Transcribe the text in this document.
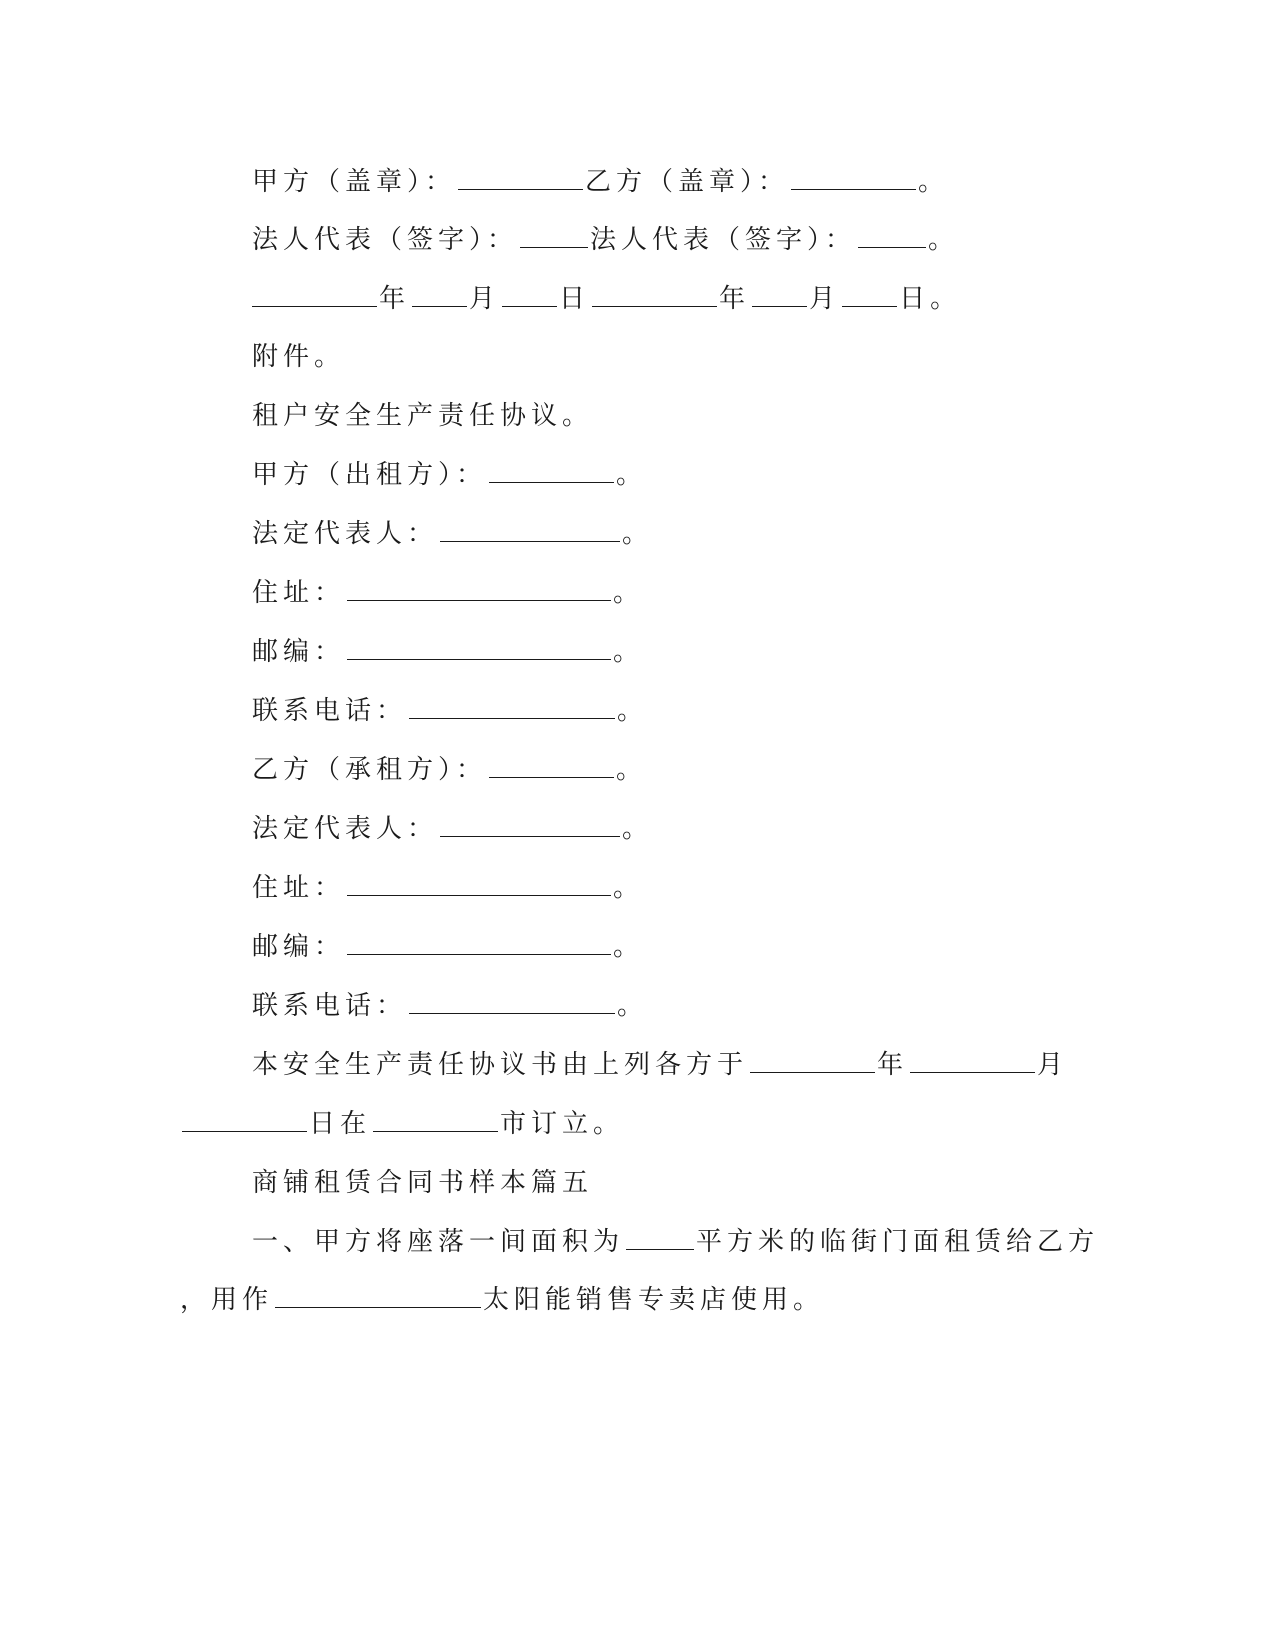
甲方（盖章）：	乙方（盖章）：	。
法人代表（签字）：	法人代表（签字）：	。
年 月 日	年 月 日。
附件。
租户安全生产责任协议。
甲方（出租方）：	。
法定代表人：	。
住址：	。
邮编：	。
联系电话：	。
乙方（承租方）：	。
法定代表人：	。
住址：	。
邮编：	。
联系电话：	。
本安全生产责任协议书由上列各方于	年	月
日在	市订立。
商铺租赁合同书样本篇五
一、甲方将座落一间面积为	平方米的临街门面租赁给乙方
，用作	太阳能销售专卖店使用。
